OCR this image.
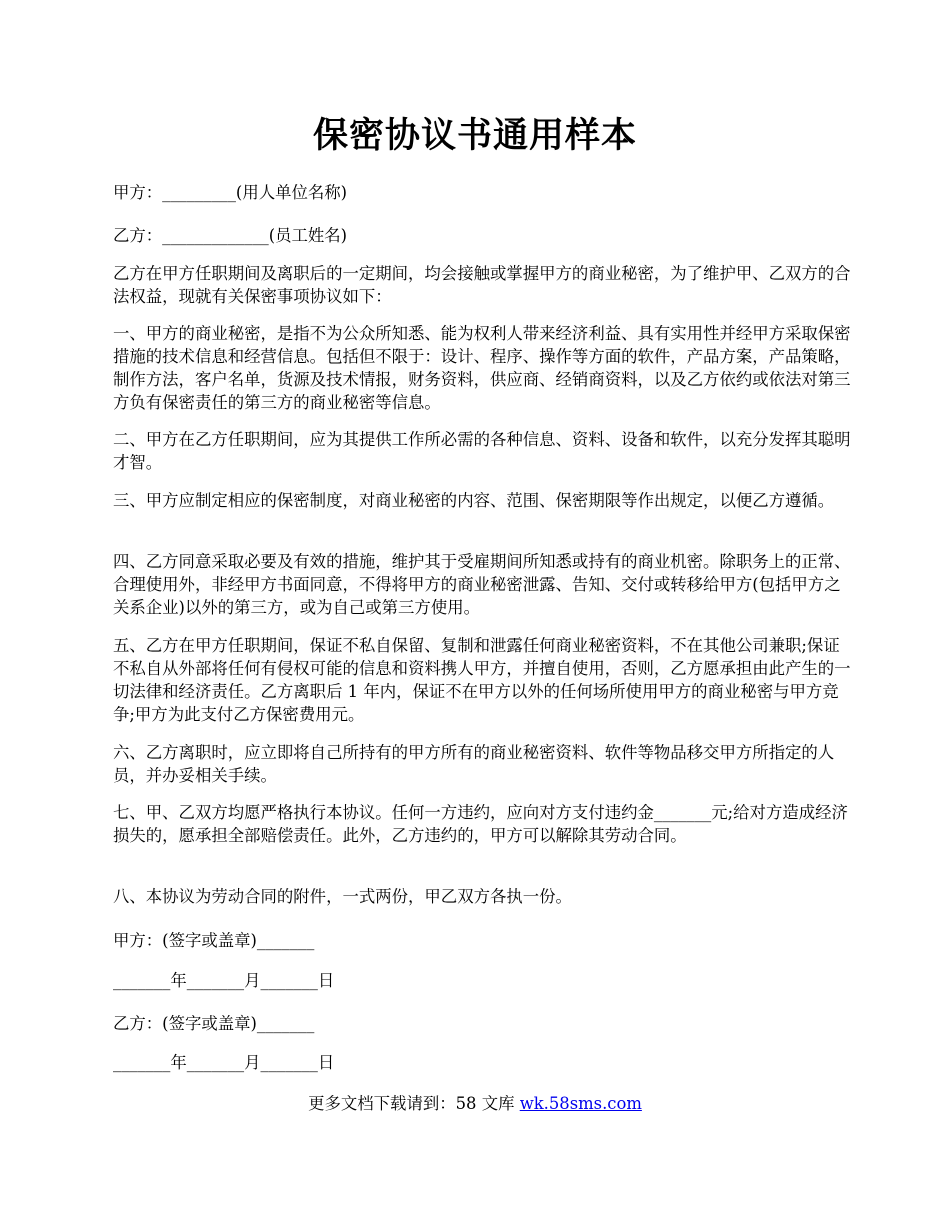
保密协议书通用样本
甲方：_________(用人单位名称)
乙方：_____________(员工姓名)
乙方在甲方任职期间及离职后的一定期间，均会接触或掌握甲方的商业秘密，为了维护甲、乙双方的合法权益，现就有关保密事项协议如下：
一、甲方的商业秘密，是指不为公众所知悉、能为权利人带来经济利益、具有实用性并经甲方采取保密措施的技术信息和经营信息。包括但不限于：设计、程序、操作等方面的软件，产品方案，产品策略，制作方法，客户名单，货源及技术情报，财务资料，供应商、经销商资料，以及乙方依约或依法对第三方负有保密责任的第三方的商业秘密等信息。
二、甲方在乙方任职期间，应为其提供工作所必需的各种信息、资料、设备和软件，以充分发挥其聪明才智。
三、甲方应制定相应的保密制度，对商业秘密的内容、范围、保密期限等作出规定，以便乙方遵循。
四、乙方同意采取必要及有效的措施，维护其于受雇期间所知悉或持有的商业机密。除职务上的正常、合理使用外，非经甲方书面同意，不得将甲方的商业秘密泄露、告知、交付或转移给甲方(包括甲方之关系企业)以外的第三方，或为自己或第三方使用。
五、乙方在甲方任职期间，保证不私自保留、复制和泄露任何商业秘密资料，不在其他公司兼职;保证不私自从外部将任何有侵权可能的信息和资料携人甲方，并擅自使用，否则，乙方愿承担由此产生的一切法律和经济责任。乙方离职后 1 年内，保证不在甲方以外的任何场所使用甲方的商业秘密与甲方竞争;甲方为此支付乙方保密费用元。
六、乙方离职时，应立即将自己所持有的甲方所有的商业秘密资料、软件等物品移交甲方所指定的人员，并办妥相关手续。
七、甲、乙双方均愿严格执行本协议。任何一方违约，应向对方支付违约金_______元;给对方造成经济损失的，愿承担全部赔偿责任。此外，乙方违约的，甲方可以解除其劳动合同。
八、本协议为劳动合同的附件，一式两份，甲乙双方各执一份。
甲方：(签字或盖章)_______
_______年_______月_______日
乙方：(签字或盖章)_______
_______年_______月_______日
更多文档下载请到：58 文库 wk.58sms.com
